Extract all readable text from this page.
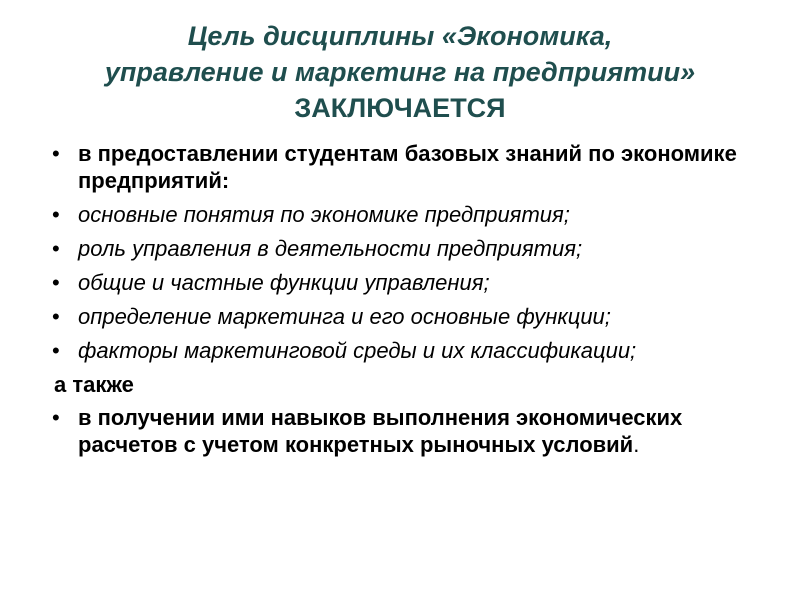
Цель дисциплины «Экономика,
управление и маркетинг на предприятии»
ЗАКЛЮЧАЕТСЯ
• в предоставлении студентам базовых знаний по экономике предприятий:
• основные понятия по экономике предприятия;
• роль управления в деятельности предприятия;
• общие и частные функции управления;
• определение маркетинга и его основные функции;
• факторы маркетинговой среды и их классификации;
а также
• в получении ими навыков выполнения экономических расчетов с учетом конкретных рыночных условий.
